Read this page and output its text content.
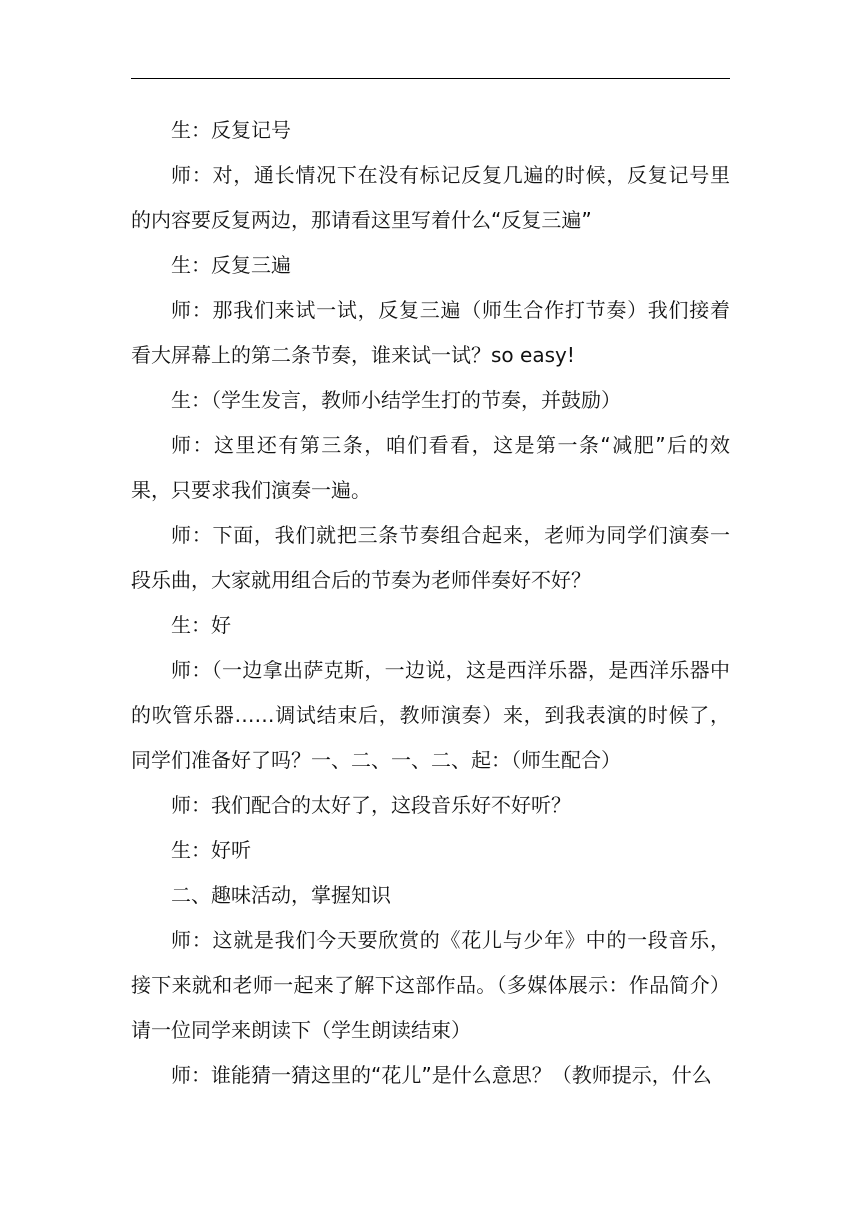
生：反复记号

师：对，通长情况下在没有标记反复几遍的时候，反复记号里的内容要反复两边，那请看这里写着什么“反复三遍”

生：反复三遍

师：那我们来试一试，反复三遍（师生合作打节奏）我们接着看大屏幕上的第二条节奏，谁来试一试？so easy!

生：（学生发言，教师小结学生打的节奏，并鼓励）

师：这里还有第三条，咱们看看，这是第一条“减肥”后的效果，只要求我们演奏一遍。

师：下面，我们就把三条节奏组合起来，老师为同学们演奏一段乐曲，大家就用组合后的节奏为老师伴奏好不好？

生：好

师：（一边拿出萨克斯，一边说，这是西洋乐器，是西洋乐器中的吹管乐器……调试结束后，教师演奏）来，到我表演的时候了，同学们准备好了吗？一、二、一、二、起：（师生配合）

师：我们配合的太好了，这段音乐好不好听？

生：好听

二、趣味活动，掌握知识

师：这就是我们今天要欣赏的《花儿与少年》中的一段音乐，接下来就和老师一起来了解下这部作品。（多媒体展示：作品简介）请一位同学来朗读下（学生朗读结束）

师：谁能猜一猜这里的“花儿”是什么意思？（教师提示，什么
